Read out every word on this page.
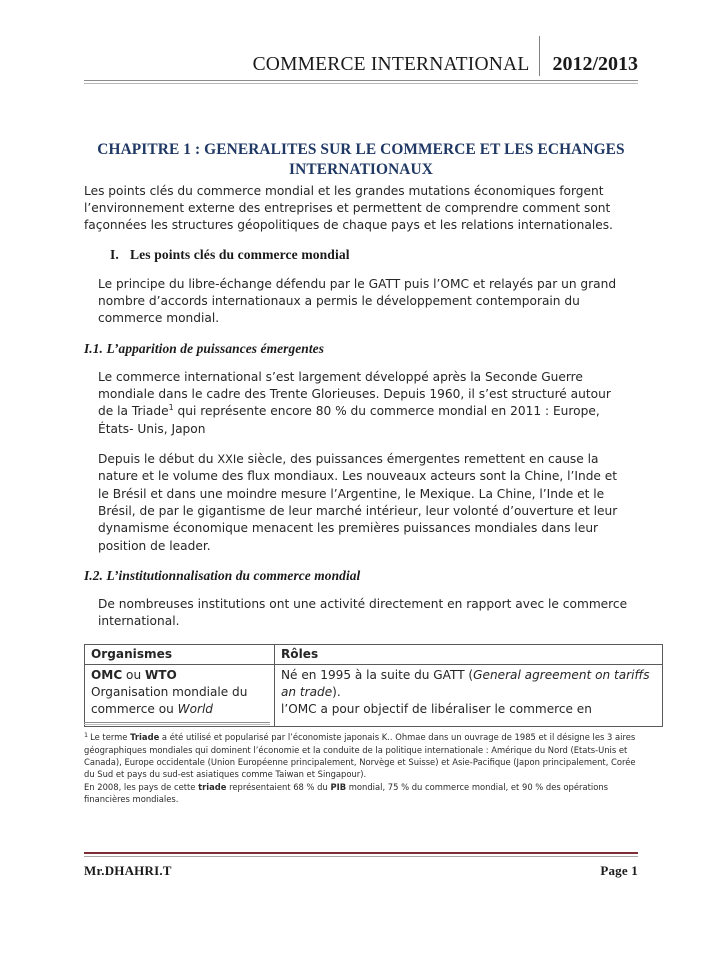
COMMERCE INTERNATIONAL	2012/2013
CHAPITRE 1 : GENERALITES SUR LE COMMERCE ET LES ECHANGES INTERNATIONAUX

Les points clés du commerce mondial et les grandes mutations économiques forgent l’environnement externe des entreprises et permettent de comprendre comment sont façonnées les structures géopolitiques de chaque pays et les relations internationales.

I. Les points clés du commerce mondial

Le principe du libre-échange défendu par le GATT puis l’OMC et relayés par un grand nombre d’accords internationaux a permis le développement contemporain du commerce mondial.

I.1. L’apparition de puissances émergentes

Le commerce international s’est largement développé après la Seconde Guerre mondiale dans le cadre des Trente Glorieuses. Depuis 1960, il s’est structuré autour de la Triade$^1$ qui représente encore 80 % du commerce mondial en 2011 : Europe, États- Unis, Japon

Depuis le début du XXIe siècle, des puissances émergentes remettent en cause la nature et le volume des flux mondiaux. Les nouveaux acteurs sont la Chine, l’Inde et le Brésil et dans une moindre mesure l’Argentine, le Mexique. La Chine, l’Inde et le Brésil, de par le gigantisme de leur marché intérieur, leur volonté d’ouverture et leur dynamisme économique menacent les premières puissances mondiales dans leur position de leader.

I.2. L’institutionnalisation du commerce mondial

De nombreuses institutions ont une activité directement en rapport avec le commerce international.

Organismes	Rôles
OMC ou WTO
Organisation mondiale du commerce ou World	Né en 1995 à la suite du GATT (General agreement on tariffs an trade).
l’OMC a pour objectif de libéraliser le commerce en

$^1$ Le terme Triade a été utilisé et popularisé par l’économiste japonais K.. Ohmae dans un ouvrage de 1985 et il désigne les 3 aires géographiques mondiales qui dominent l’économie et la conduite de la politique internationale : Amérique du Nord (Etats-Unis et Canada), Europe occidentale (Union Européenne principalement, Norvège et Suisse) et Asie-Pacifique (Japon principalement, Corée du Sud et pays du sud-est asiatiques comme Taiwan et Singapour).

En 2008, les pays de cette triade représentaient 68 % du PIB mondial, 75 % du commerce mondial, et 90 % des opérations financières mondiales.

Mr.DHAHRI.T	Page 1
